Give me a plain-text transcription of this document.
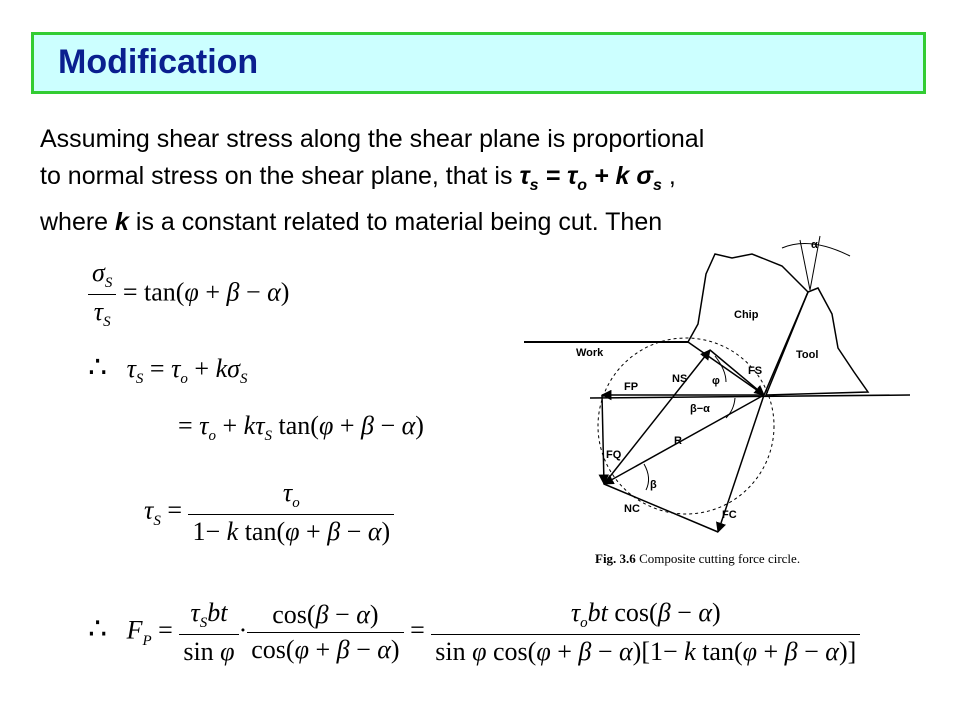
Modification
Assuming shear stress along the shear plane is proportional
to normal stress on the shear plane, that is $\tau_s = \tau_o + k$ $\sigma_s$ ,
where k is a constant related to material being cut. Then
$\frac{\sigma_S}{\tau_S} = \tan(\varphi + \beta - \alpha)$
∴ $\tau_S = \tau_o + k\sigma_S$
= $\tau_o + k\tau_S$ tan(φ + β − α)
$\tau_S = \frac{\tau_o}{\text{1− k tan(φ + β − α)}}$
∴ $F_P = \frac{\tau_Sbt}{\text{sin φ}} \cdot \frac{\cos(\beta - \alpha)}{\cos(\varphi + \beta - \alpha)} = \frac{\tau_obt \cos(\beta - \alpha)}{\text{sin φ cos(φ + β − α)[1− k tan(φ + β − α)]}}$
α
Chip
Work	Tool
NS
FS
FP	φ
β−α
R
FQ
β
NC	FC
Fig. 3.6 Composite cutting force circle.
